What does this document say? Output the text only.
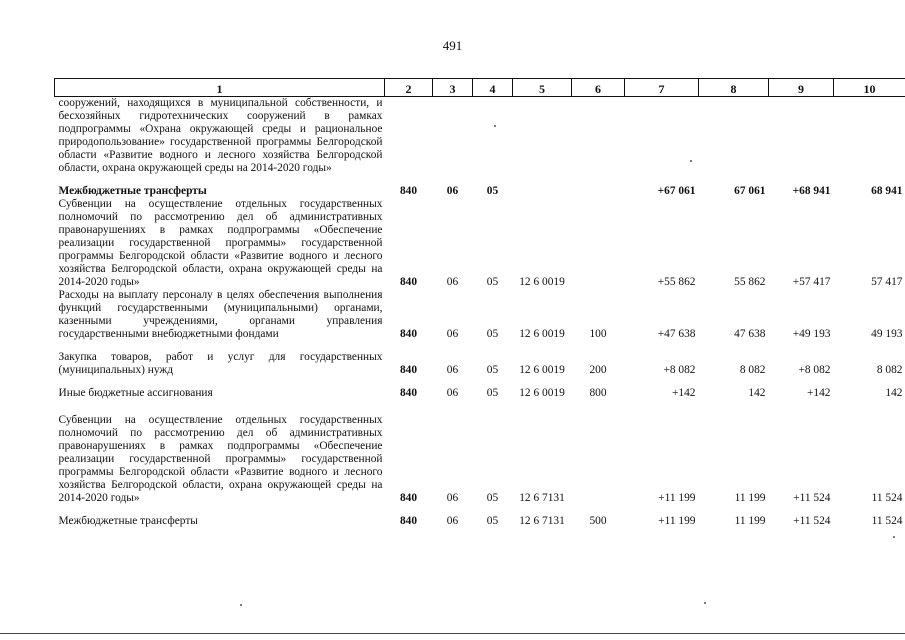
491
1	2	3	4	5	6	7	8	9	10
сооружений, находящихся в муниципальной собственности, и бесхозяйных гидротехнических сооружений в рамках подпрограммы «Охрана окружающей среды и рациональное природопользование» государственной программы Белгородской области «Развитие водного и лесного хозяйства Белгородской области, охрана окружающей среды на 2014-2020 годы»									

Межбюджетные трансферты	840	06	05			+67 061	67 061	+68 941	68 941
Субвенции на осуществление отдельных государственных полномочий по рассмотрению дел об административных правонарушениях в рамках подпрограммы «Обеспечение реализации государственной программы» государственной программы Белгородской области «Развитие водного и лесного хозяйства Белгородской области, охрана окружающей среды на 2014-2020 годы»	840	06	05	12 6 0019		+55 862	55 862	+57 417	57 417
Расходы на выплату персоналу в целях обеспечения выполнения функций государственными (муниципальными) органами, казенными учреждениями, органами управления государственными внебюджетными фондами	840	06	05	12 6 0019	100	+47 638	47 638	+49 193	49 193

Закупка товаров, работ и услуг для государственных (муниципальных) нужд	840	06	05	12 6 0019	200	+8 082	8 082	+8 082	8 082

Иные бюджетные ассигнования	840	06	05	12 6 0019	800	+142	142	+142	142

Субвенции на осуществление отдельных государственных полномочий по рассмотрению дел об административных правонарушениях в рамках подпрограммы «Обеспечение реализации государственной программы» государственной программы Белгородской области «Развитие водного и лесного хозяйства Белгородской области, охрана окружающей среды на 2014-2020 годы»	840	06	05	12 6 7131		+11 199	11 199	+11 524	11 524

Межбюджетные трансферты	840	06	05	12 6 7131	500	+11 199	11 199	+11 524	11 524
